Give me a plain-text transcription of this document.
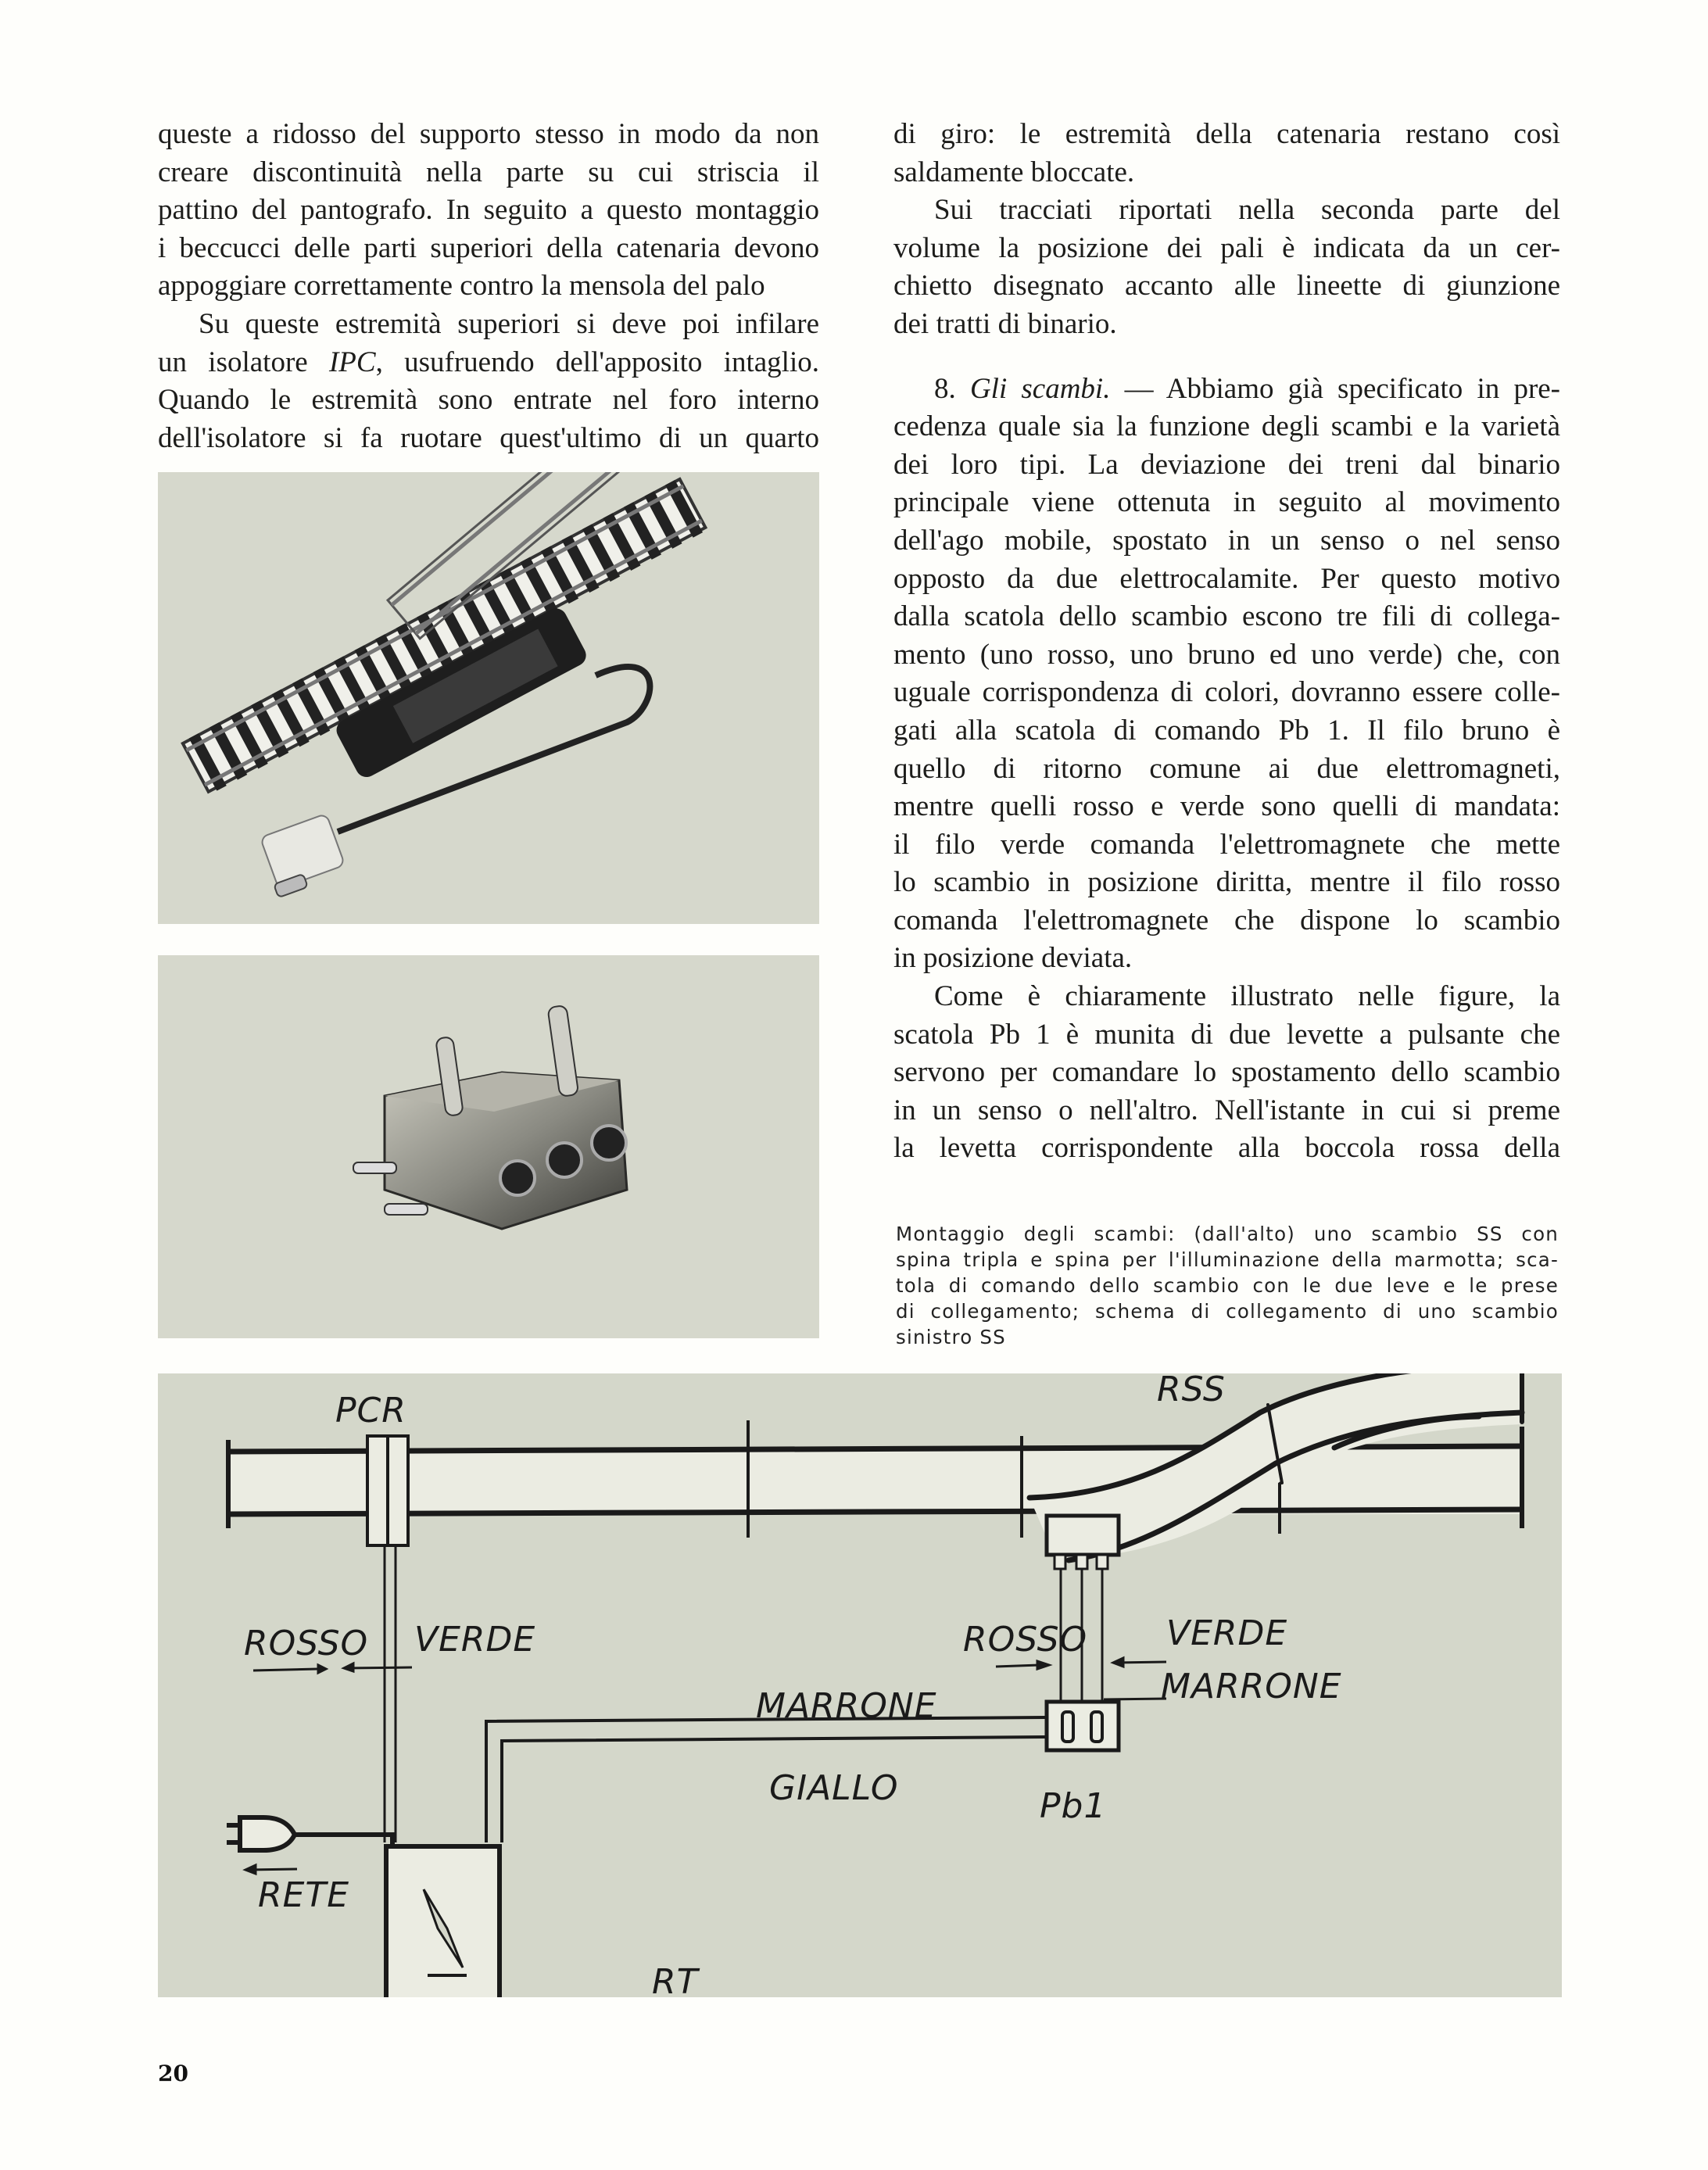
queste a ridosso del supporto stesso in modo da non

creare discontinuità nella parte su cui striscia il

pattino del pantografo. In seguito a questo montaggio

i beccucci delle parti superiori della catenaria devono

appoggiare correttamente contro la mensola del palo

Su queste estremità superiori si deve poi infilare

un isolatore IPC, usufruendo dell'apposito intaglio.

Quando le estremità sono entrate nel foro interno

dell'isolatore si fa ruotare quest'ultimo di un quarto

di giro: le estremità della catenaria restano così

saldamente bloccate.

Sui tracciati riportati nella seconda parte del

volume la posizione dei pali è indicata da un cer-

chietto disegnato accanto alle lineette di giunzione

dei tratti di binario.

8. Gli scambi. — Abbiamo già specificato in pre-

cedenza quale sia la funzione degli scambi e la varietà

dei loro tipi. La deviazione dei treni dal binario

principale viene ottenuta in seguito al movimento

dell'ago mobile, spostato in un senso o nel senso

opposto da due elettrocalamite. Per questo motivo

dalla scatola dello scambio escono tre fili di collega-

mento (uno rosso, uno bruno ed uno verde) che, con

uguale corrispondenza di colori, dovranno essere colle-

gati alla scatola di comando Pb 1. Il filo bruno è

quello di ritorno comune ai due elettromagneti,

mentre quelli rosso e verde sono quelli di mandata:

il filo verde comanda l'elettromagnete che mette

lo scambio in posizione diritta, mentre il filo rosso

comanda l'elettromagnete che dispone lo scambio

in posizione deviata.

Come è chiaramente illustrato nelle figure, la

scatola Pb 1 è munita di due levette a pulsante che

servono per comandare lo spostamento dello scambio

in un senso o nell'altro. Nell'istante in cui si preme

la levetta corrispondente alla boccola rossa della

Montaggio degli scambi: (dall'alto) uno scambio SS con

spina tripla e spina per l'illuminazione della marmotta; sca-

tola di comando dello scambio con le due leve e le prese

di collegamento; schema di collegamento di uno scambio

sinistro SS

PCR
RSS
ROSSO VERDE	ROSSO VERDE
MARRONE
MARRONE
GIALLO	Pb1
RETE
RT
20
